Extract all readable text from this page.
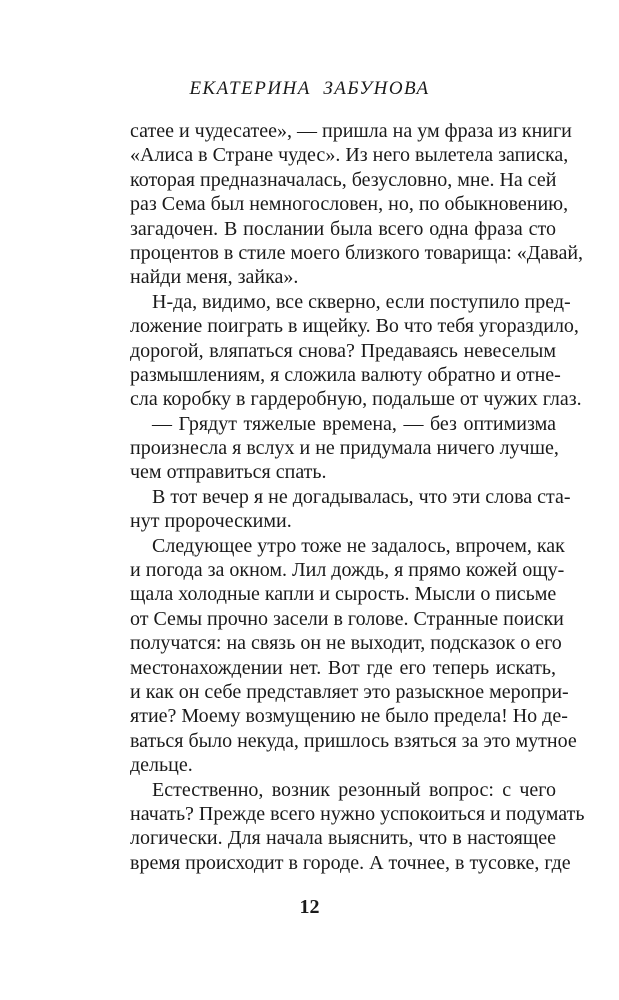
ЕКАТЕРИНА  ЗАБУНОВА
сатее и чудесатее», — пришла на ум фраза из книги
«Алиса в Стране чудес». Из него вылетела записка,
которая предназначалась, безусловно, мне. На сей
раз Сема был немногословен, но, по обыкновению,
загадочен. В послании была всего одна фраза сто
процентов в стиле моего близкого товарища: «Давай,
найди меня, зайка».
Н-да, видимо, все скверно, если поступило пред-
ложение поиграть в ищейку. Во что тебя угораздило,
дорогой, вляпаться снова? Предаваясь невеселым
размышлениям, я сложила валюту обратно и отне-
сла коробку в гардеробную, подальше от чужих глаз.
— Грядут тяжелые времена, — без оптимизма
произнесла я вслух и не придумала ничего лучше,
чем отправиться спать.
В тот вечер я не догадывалась, что эти слова ста-
нут пророческими.
Следующее утро тоже не задалось, впрочем, как
и погода за окном. Лил дождь, я прямо кожей ощу-
щала холодные капли и сырость. Мысли о письме
от Семы прочно засели в голове. Странные поиски
получатся: на связь он не выходит, подсказок о его
местонахождении нет. Вот где его теперь искать,
и как он себе представляет это разыскное меропри-
ятие? Моему возмущению не было предела! Но де-
ваться было некуда, пришлось взяться за это мутное
дельце.
Естественно, возник резонный вопрос: с чего
начать? Прежде всего нужно успокоиться и подумать
логически. Для начала выяснить, что в настоящее
время происходит в городе. А точнее, в тусовке, где
12
